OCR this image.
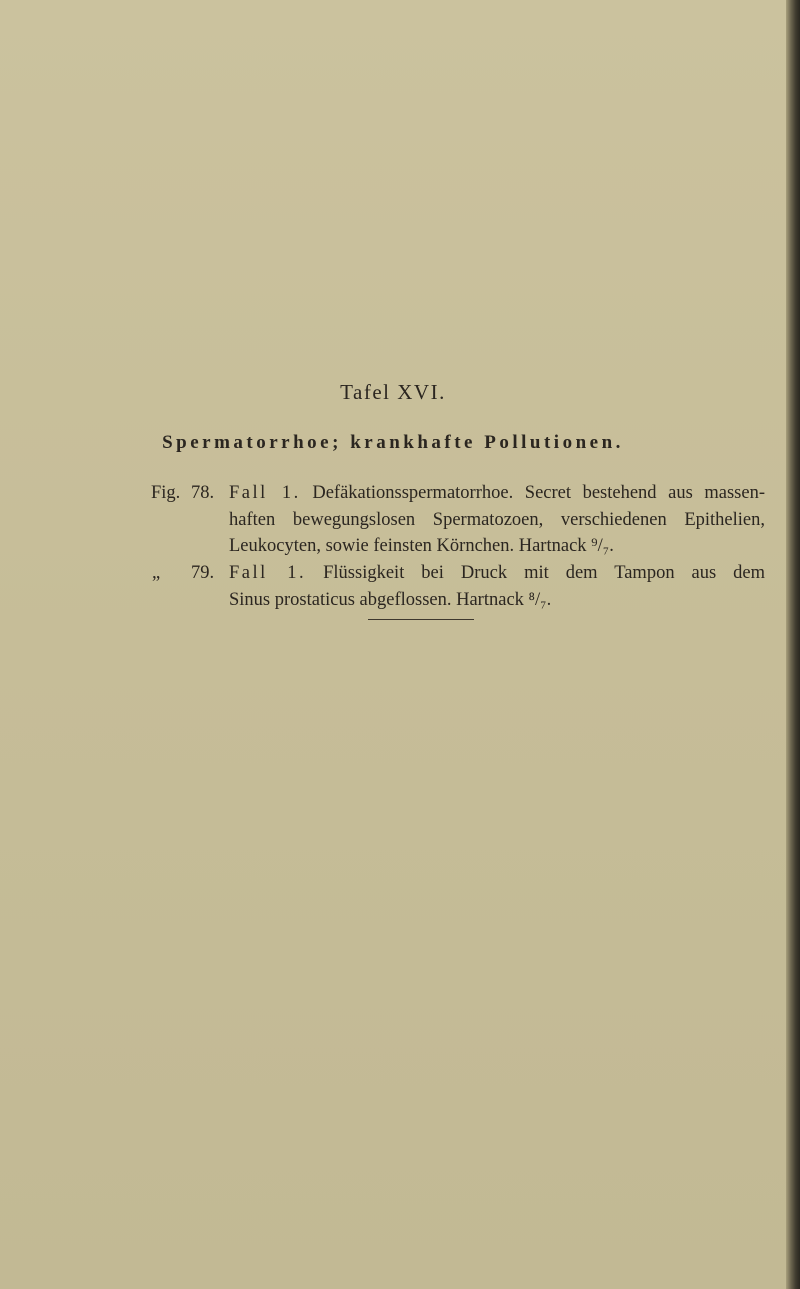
Tafel XVI.
Spermatorrhoe; krankhafte Pollutionen.
Fig. 78. Fall 1. Defäkationsspermatorrhoe. Secret bestehend aus massen-
haften bewegungslosen Spermatozoen, verschiedenen Epithelien,
Leukocyten, sowie feinsten Körnchen. Hartnack ⁹/₇.
„ 79. Fall 1. Flüssigkeit bei Druck mit dem Tampon aus dem
Sinus prostaticus abgeflossen. Hartnack ⁸/₇.
